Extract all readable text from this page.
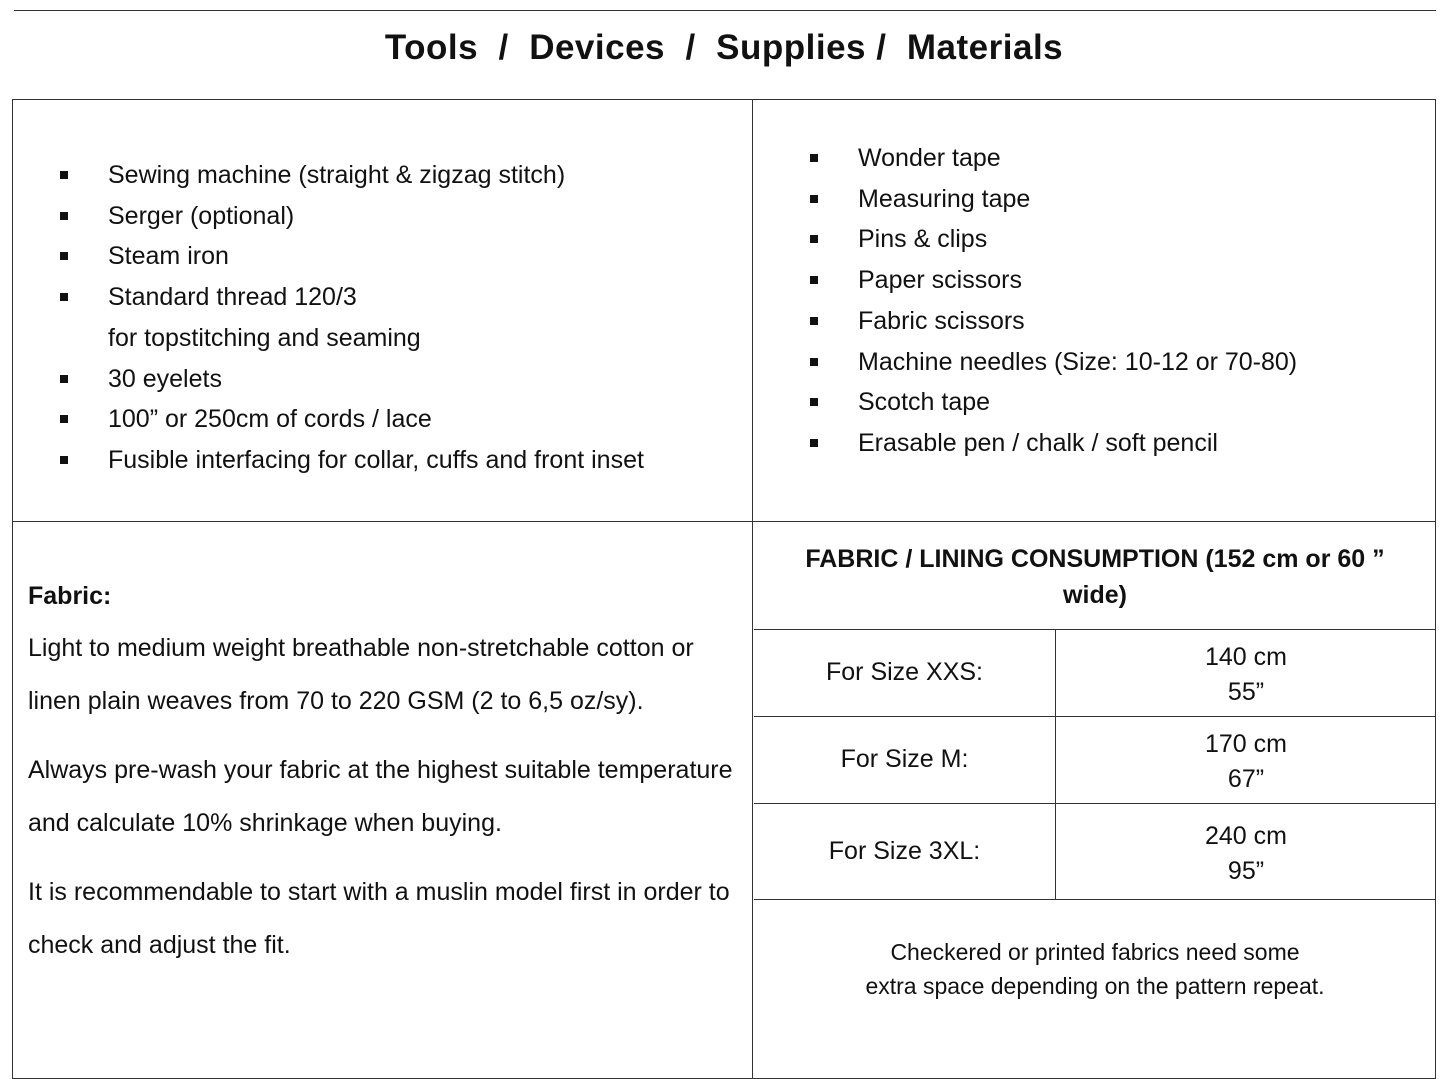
Tools  /  Devices  /  Supplies /  Materials
Sewing machine (straight & zigzag stitch)
Serger (optional)
Steam iron
Standard thread 120/3
for topstitching and seaming
30 eyelets
100” or 250cm of cords / lace
Fusible interfacing for collar, cuffs and front inset
Wonder tape
Measuring tape
Pins & clips
Paper scissors
Fabric scissors
Machine needles (Size: 10-12 or 70-80)
Scotch tape
Erasable pen / chalk / soft pencil
Fabric:

Light to medium weight breathable non-stretchable cotton or linen plain weaves from 70 to 220 GSM (2 to 6,5 oz/sy).

Always pre-wash your fabric at the highest suitable temperature and calculate 10% shrinkage when buying.

It is recommendable to start with a muslin model first in order to check and adjust the fit.

FABRIC / LINING CONSUMPTION (152 cm or 60 ”
wide)
For Size XXS:
140 cm
55”
For Size M:
170 cm
67”
For Size 3XL:
240 cm
95”
Checkered or printed fabrics need some
extra space depending on the pattern repeat.
